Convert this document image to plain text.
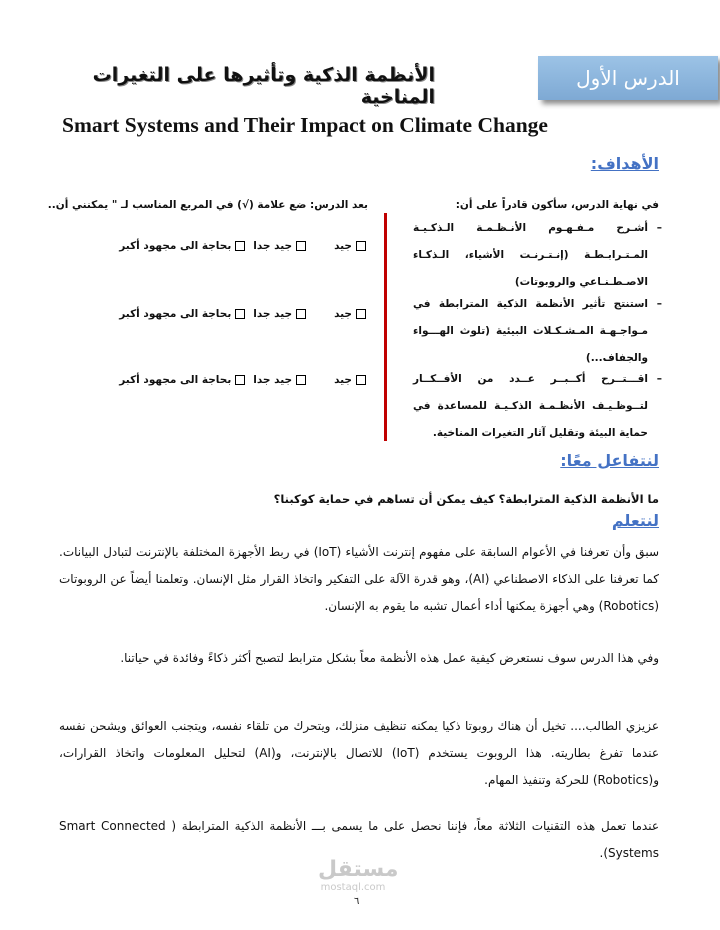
الدرس الأول
الأنظمة الذكية وتأثيرها على التغيرات المناخية
Smart Systems and Their Impact on Climate Change
الأهداف:
في نهاية الدرس، سأكون قادراً على أن:
بعد الدرس: ضع علامة (√) في المربع المناسب لـ " يمكنني أن..
–
أشـرح مـفـهـوم الأنـظـمـة الـذكـيـة المـتـرابـطـة (إنـتـرنـت الأشياء، الـذكـاء الاصـطـنـاعي والروبوتات)
–
استنتج تأثير الأنظمة الذكية المترابطة في مـواجـهـة المـشـكـلات البيئية (تلوث الهـــواء والجفاف...)
–
اقـــتــرح أكــبــر عــدد من الأفــكــار لتــوظـيـف الأنظـمـة الذكـيـة للمساعدة في حماية البيئة وتقليل آثار التغيرات المناخية.
جيد
جيد جدا
بحاجة الى مجهود أكبر
جيد
جيد جدا
بحاجة الى مجهود أكبر
جيد
جيد جدا
بحاجة الى مجهود أكبر
لنتفاعل معًا:
ما الأنظمة الذكية المترابطة؟ كيف يمكن أن تساهم في حماية كوكبنا؟
لنتعلم
سبق وأن تعرفنا في الأعوام السابقة على مفهوم إنترنت الأشياء (IoT) في ربط الأجهزة المختلفة بالإنترنت لتبادل البيانات. كما تعرفنا على الذكاء الاصطناعي (AI)، وهو قدرة الآلة على التفكير واتخاذ القرار مثل الإنسان. وتعلمنا أيضاً عن الروبوتات (Robotics) وهي أجهزة يمكنها أداء أعمال تشبه ما يقوم به الإنسان.
وفي هذا الدرس سوف نستعرض كيفية عمل هذه الأنظمة معاً بشكل مترابط لتصبح أكثر ذكاءً وفائدة في حياتنا.
عزيزي الطالب.... تخيل أن هناك روبوتا ذكيا يمكنه تنظيف منزلك، ويتحرك من تلقاء نفسه، ويتجنب العوائق ويشحن نفسه عندما تفرغ بطاريته. هذا الروبوت يستخدم (IoT) للاتصال بالإنترنت، و(AI) لتحليل المعلومات واتخاذ القرارات، و(Robotics) للحركة وتنفيذ المهام.
عندما تعمل هذه التقنيات الثلاثة معاً، فإننا نحصل على ما يسمى بـــ الأنظمة الذكية المترابطة ( Smart Connected Systems).
مستقل
mostaql.com
٦
